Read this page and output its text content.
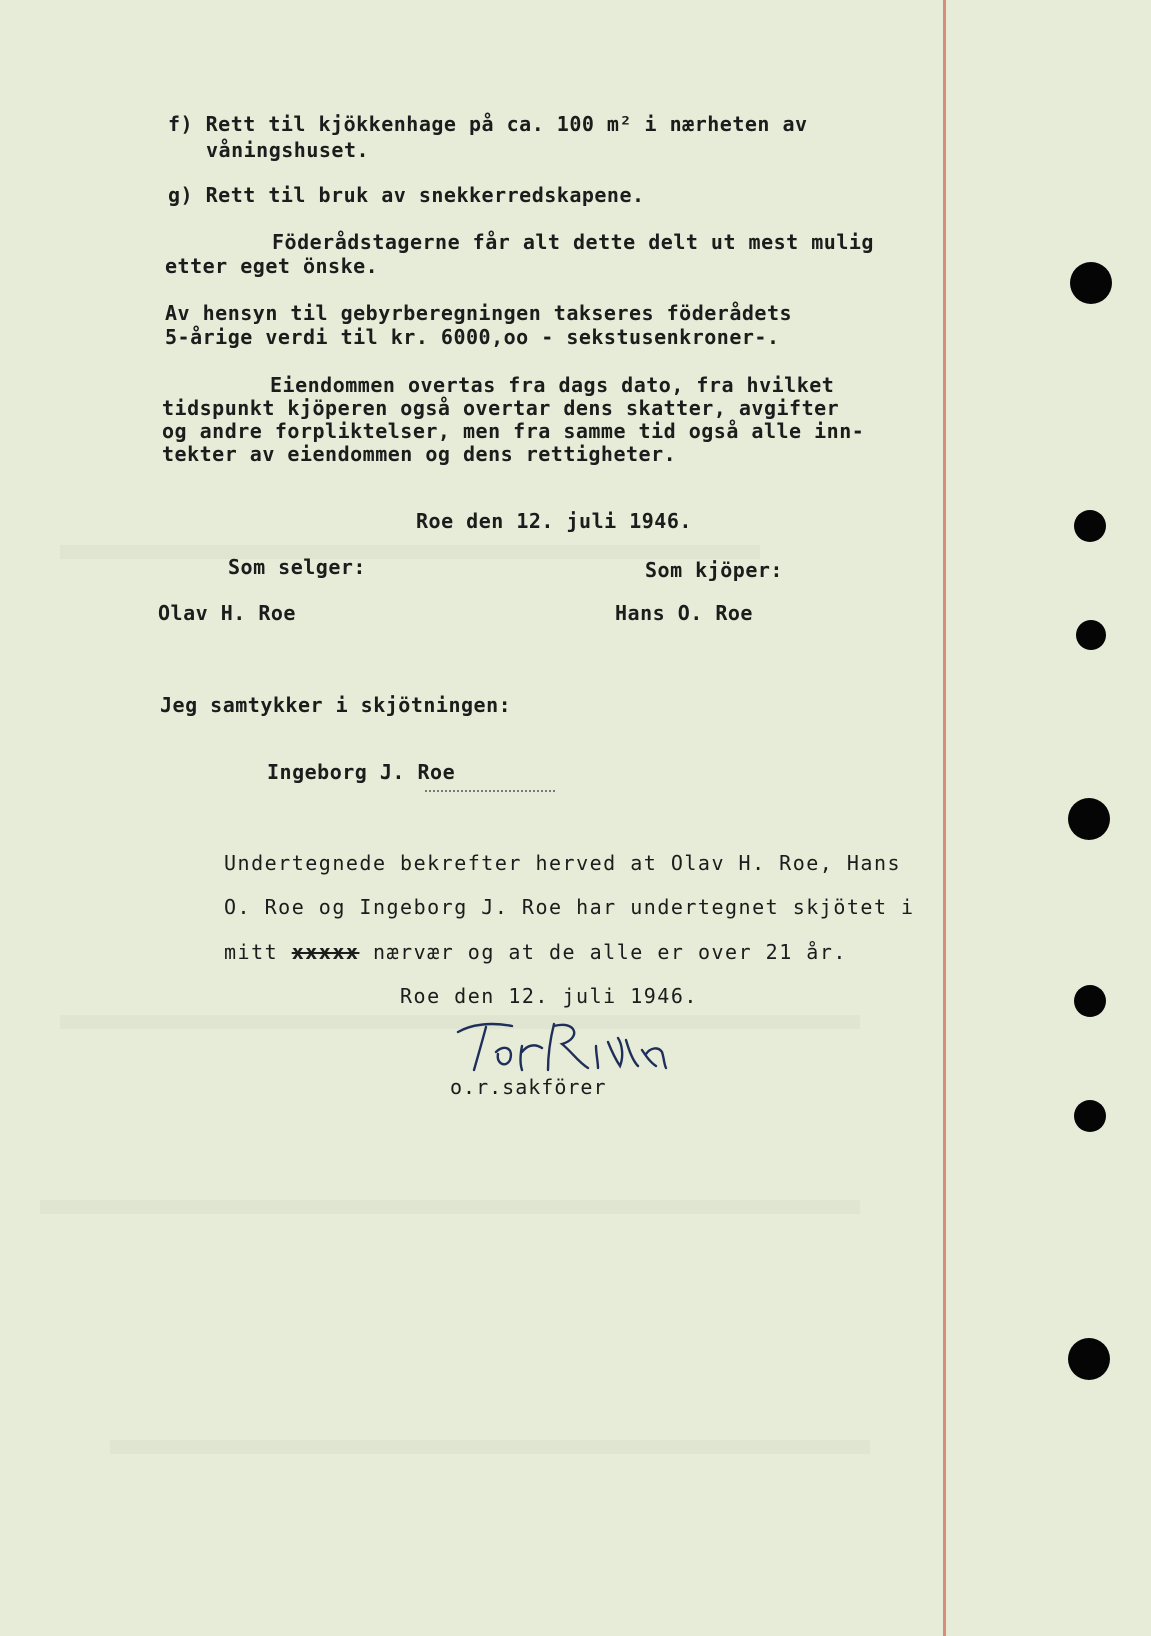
f) Rett til kjökkenhage på ca. 100 m² i nærheten av
våningshuset.
g) Rett til bruk av snekkerredskapene.
Föderådstagerne får alt dette delt ut mest mulig
etter eget önske.
Av hensyn til gebyrberegningen takseres föderådets
5-årige verdi til kr. 6000,oo - sekstusenkroner-.
Eiendommen overtas fra dags dato, fra hvilket
tidspunkt kjöperen også overtar dens skatter, avgifter
og andre forpliktelser, men fra samme tid også alle inn-
tekter av eiendommen og dens rettigheter.
Roe den 12. juli 1946.
Som selger:	Som kjöper:
Olav H. Roe	Hans O. Roe
Jeg samtykker i skjötningen:
Ingeborg J. Roe
Undertegnede bekrefter herved at Olav H. Roe, Hans
O. Roe og Ingeborg J. Roe har undertegnet skjötet i
mitt xxxxx nærvær og at de alle er over 21 år.
Roe den 12. juli 1946.
o.r.sakförer
